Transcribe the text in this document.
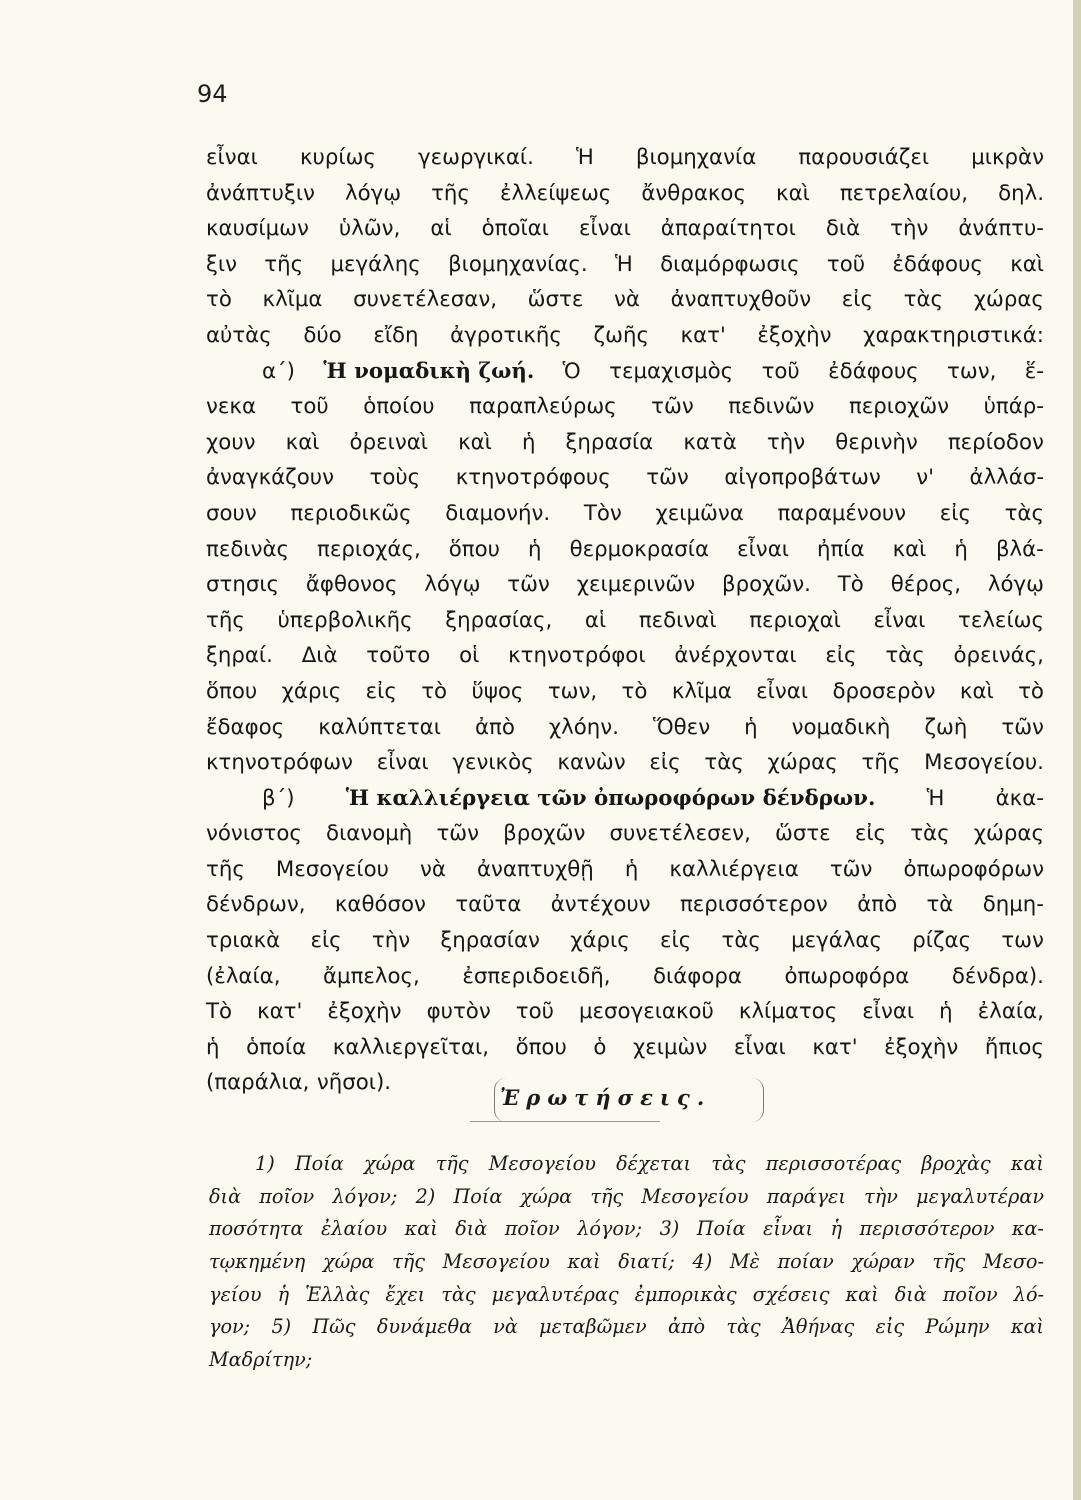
94
εἶναι κυρίως γεωργικαί. Ἡ βιομηχανία παρουσιάζει μικρὰν
ἀνάπτυξιν λόγῳ τῆς ἐλλείψεως ἄνθρακος καὶ πετρελαίου, δηλ.
καυσίμων ὑλῶν, αἱ ὁποῖαι εἶναι ἀπαραίτητοι διὰ τὴν ἀνάπτυ-
ξιν τῆς μεγάλης βιομηχανίας. Ἡ διαμόρφωσις τοῦ ἐδάφους καὶ
τὸ κλῖμα συνετέλεσαν, ὥστε νὰ ἀναπτυχθοῦν εἰς τὰς χώρας
αὐτὰς δύο εἴδη ἀγροτικῆς ζωῆς κατ' ἐξοχὴν χαρακτηριστικά:
α΄) Ἡ νομαδικὴ ζωή. Ὁ τεμαχισμὸς τοῦ ἐδάφους των, ἕ-
νεκα τοῦ ὁποίου παραπλεύρως τῶν πεδινῶν περιοχῶν ὑπάρ-
χουν καὶ ὀρειναὶ καὶ ἡ ξηρασία κατὰ τὴν θερινὴν περίοδον
ἀναγκάζουν τοὺς κτηνοτρόφους τῶν αἰγοπροβάτων ν' ἀλλάσ-
σουν περιοδικῶς διαμονήν. Τὸν χειμῶνα παραμένουν εἰς τὰς
πεδινὰς περιοχάς, ὅπου ἡ θερμοκρασία εἶναι ἠπία καὶ ἡ βλά-
στησις ἄφθονος λόγῳ τῶν χειμερινῶν βροχῶν. Τὸ θέρος, λόγῳ
τῆς ὑπερβολικῆς ξηρασίας, αἱ πεδιναὶ περιοχαὶ εἶναι τελείως
ξηραί. Διὰ τοῦτο οἱ κτηνοτρόφοι ἀνέρχονται εἰς τὰς ὀρεινάς,
ὅπου χάρις εἰς τὸ ὕψος των, τὸ κλῖμα εἶναι δροσερὸν καὶ τὸ
ἔδαφος καλύπτεται ἀπὸ χλόην. Ὅθεν ἡ νομαδικὴ ζωὴ τῶν
κτηνοτρόφων εἶναι γενικὸς κανὼν εἰς τὰς χώρας τῆς Μεσογείου.
β΄) Ἡ καλλιέργεια τῶν ὀπωροφόρων δένδρων. Ἡ ἀκα-
νόνιστος διανομὴ τῶν βροχῶν συνετέλεσεν, ὥστε εἰς τὰς χώρας
τῆς Μεσογείου νὰ ἀναπτυχθῇ ἡ καλλιέργεια τῶν ὀπωροφόρων
δένδρων, καθόσον ταῦτα ἀντέχουν περισσότερον ἀπὸ τὰ δημη-
τριακὰ εἰς τὴν ξηρασίαν χάρις εἰς τὰς μεγάλας ρίζας των
(ἐλαία, ἄμπελος, ἐσπεριδοειδῆ, διάφορα ὀπωροφόρα δένδρα).
Τὸ κατ' ἐξοχὴν φυτὸν τοῦ μεσογειακοῦ κλίματος εἶναι ἡ ἐλαία,
ἡ ὁποία καλλιεργεῖται, ὅπου ὁ χειμὼν εἶναι κατ' ἐξοχὴν ἤπιος
(παράλια, νῆσοι).
Ἐρωτήσεις.
1) Ποία χώρα τῆς Μεσογείου δέχεται τὰς περισσοτέρας βροχὰς καὶ
διὰ ποῖον λόγον; 2) Ποία χώρα τῆς Μεσογείου παράγει τὴν μεγαλυτέραν
ποσότητα ἐλαίου καὶ διὰ ποῖον λόγον; 3) Ποία εἶναι ἡ περισσότερον κα-
τῳκημένη χώρα τῆς Μεσογείου καὶ διατί; 4) Μὲ ποίαν χώραν τῆς Μεσο-
γείου ἡ Ἑλλὰς ἔχει τὰς μεγαλυτέρας ἐμπορικὰς σχέσεις καὶ διὰ ποῖον λό-
γον; 5) Πῶς δυνάμεθα νὰ μεταβῶμεν ἀπὸ τὰς Ἀθήνας εἰς Ρώμην καὶ
Μαδρίτην;
